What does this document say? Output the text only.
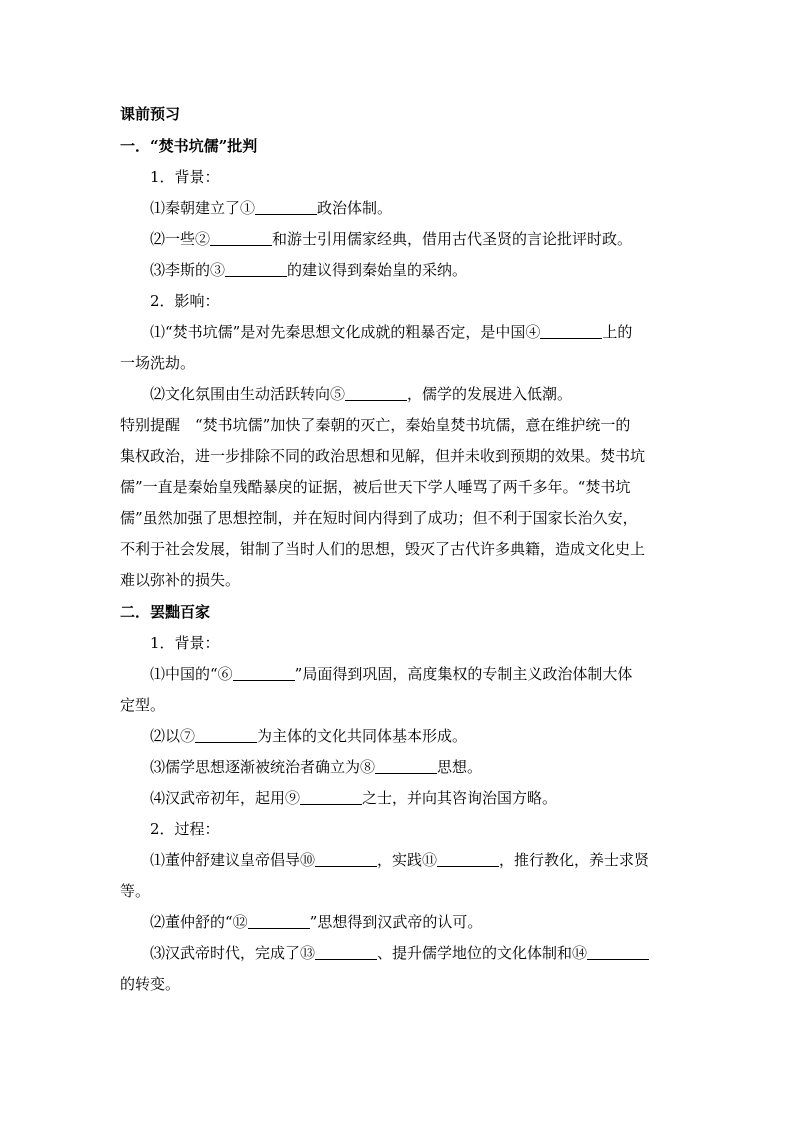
课前预习
一．“焚书坑儒”批判
1．背景：
⑴秦朝建立了①	政治体制。
⑵一些②	和游士引用儒家经典，借用古代圣贤的言论批评时政。
⑶李斯的③	的建议得到秦始皇的采纳。
2．影响：
⑴“焚书坑儒”是对先秦思想文化成就的粗暴否定，是中国④	上的
一场洗劫。
⑵文化氛围由生动活跃转向⑤	，儒学的发展进入低潮。
特别提醒　“焚书坑儒”加快了秦朝的灭亡，秦始皇焚书坑儒，意在维护统一的
集权政治，进一步排除不同的政治思想和见解，但并未收到预期的效果。焚书坑
儒”一直是秦始皇残酷暴戾的证据，被后世天下学人唾骂了两千多年。“焚书坑
儒”虽然加强了思想控制，并在短时间内得到了成功；但不利于国家长治久安，
不利于社会发展，钳制了当时人们的思想，毁灭了古代许多典籍，造成文化史上
难以弥补的损失。
二．罢黜百家
1．背景：
⑴中国的“⑥	”局面得到巩固，高度集权的专制主义政治体制大体
定型。
⑵以⑦	为主体的文化共同体基本形成。
⑶儒学思想逐渐被统治者确立为⑧	思想。
⑷汉武帝初年，起用⑨	之士，并向其咨询治国方略。
2．过程：
⑴董仲舒建议皇帝倡导⑩	，实践⑪	，推行教化，养士求贤
等。
⑵董仲舒的“⑫	”思想得到汉武帝的认可。
⑶汉武帝时代，完成了⑬	、提升儒学地位的文化体制和⑭
的转变。
